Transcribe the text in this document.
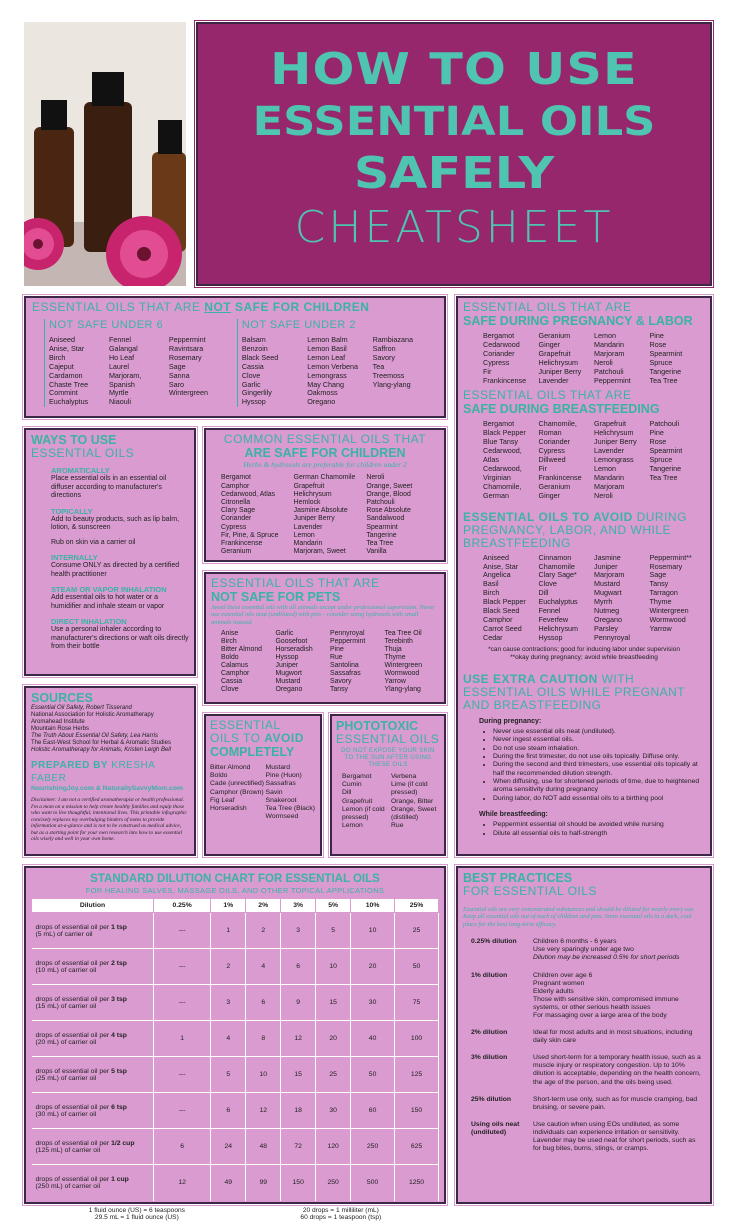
HOW TO USE
ESSENTIAL OILS
SAFELY
CHEATSHEET
ESSENTIAL OILS THAT ARE NOT SAFE FOR CHILDREN
NOT SAFE UNDER 6
Aniseed
Anise, Star
Birch
Cajeput
Cardamon
Chaste Tree
Commint
Euchalyptus
Fennel
Galangal
Ho Leaf
Laurel
Marjoram, Spanish
Myrtle
Niaouli
Peppermint
Ravintsara
Rosemary
Sage
Sanna
Saro
Wintergreen
NOT SAFE UNDER 2
Balsam
Benzoin
Black Seed
Cassia
Clove
Garlic
Gingerlily
Hyssop
Lemon Balm
Lemon Basil
Lemon Leaf
Lemon Verbena
Lemongrass
May Chang
Oakmoss
Oregano
Rambiazana
Saffron
Savory
Tea
Treemoss
Ylang-ylang
ESSENTIAL OILS THAT ARE
SAFE DURING PREGNANCY & LABOR
Bergamot
Cedarwood
Coriander
Cypress
Fir
Frankincense
Geranium
Ginger
Grapefruit
Helichrysum
Juniper Berry
Lavender
Lemon
Mandarin
Marjoram
Neroli
Patchouli
Peppermint
Pine
Rose
Spearmint
Spruce
Tangerine
Tea Tree
ESSENTIAL OILS THAT ARE
SAFE DURING BREASTFEEDING
Bergamot
Black Pepper
Blue Tansy
Cedarwood, Atlas
Cedarwood, Virginian
Chamomile, German
Chamomile, Roman
Coriander
Cypress
Dillweed
Fir
Frankincense
Geranium
Ginger
Grapefruit
Helichrysum
Juniper Berry
Lavender
Lemongrass
Lemon
Mandarin
Marjoram
Neroli
Patchouli
Pine
Rose
Spearmint
Spruce
Tangerine
Tea Tree
ESSENTIAL OILS TO AVOID DURING PREGNANCY, LABOR, AND WHILE BREASTFEEDING
Aniseed
Anise, Star
Angelica
Basil
Birch
Black Pepper
Black Seed
Camphor
Carrot Seed
Cedar
Cinnamon
Chamomile
Clary Sage*
Clove
Dill
Euchalyptus
Fennel
Feverfew
Helichrysum
Hyssop
Jasmine
Juniper
Marjoram
Mustard
Mugwart
Myrrh
Nutmeg
Oregano
Parsley
Pennyroyal
Peppermint**
Rosemary
Sage
Tansy
Tarragon
Thyme
Wintergreen
Wormwood
Yarrow
*can cause contractions; good for inducing labor under supervision
**okay during pregnancy; avoid while breastfeeding
USE EXTRA CAUTION WITH ESSENTIAL OILS WHILE PREGNANT AND BREASTFEEDING
During pregnancy:
• Never use essential oils neat (undiluted).
• Never ingest essential oils.
• Do not use steam inhalation.
• During the first trimester, do not use oils topically. Diffuse only.
• During the second and third trimesters, use essential oils topically at half the recommended dilution strength.
• When diffusing, use for shortened periods of time, due to heightened aroma sensitivity during pregnancy
• During labor, do NOT add essential oils to a birthing pool
While breastfeeding:
• Peppermint essential oil should be avoided while nursing
• Dilute all essential oils to half-strength
WAYS TO USE
ESSENTIAL OILS
AROMATICALLY
Place essential oils in an essential oil diffuser according to manufacturer's directions
TOPICALLY
Add to beauty products, such as lip balm, lotion, & sunscreen
Rub on skin via a carrier oil
INTERNALLY
Consume ONLY as directed by a certified health practitioner
STEAM OR VAPOR INHALATION
Add essential oils to hot water or a humidifier and inhale steam or vapor
DIRECT INHALATION
Use a personal inhaler according to manufacturer's directions or waft oils directly from their bottle
COMMON ESSENTIAL OILS THAT
ARE SAFE FOR CHILDREN
Herbs & hydrosols are preferable for children under 2
Bergamot
Camphor
Cedarwood, Atlas
Citronella
Clary Sage
Coriander
Cypress
Fir, Pine, & Spruce
Frankincense
Geranium
German Chamomile
Grapefruit
Helichrysum
Hemlock
Jasmine Absolute
Juniper Berry
Lavender
Lemon
Mandarin
Marjoram, Sweet
Neroli
Orange, Sweet
Orange, Blood
Patchouli
Rose Absolute
Sandalwood
Spearmint
Tangerine
Tea Tree
Vanilla
ESSENTIAL OILS THAT ARE
NOT SAFE FOR PETS
Avoid these essential oils with all animals except under professional supervision. Never use essential oils neat (undiluted) with pets - consider using hydrosols with small animals instead.
Anise
Birch
Bitter Almond
Boldo
Calamus
Camphor
Cassia
Clove
Garlic
Goosefoot
Horseradish
Hyssop
Juniper
Mugwort
Mustard
Oregano
Pennyroyal
Peppermint
Pine
Rue
Santolina
Sassafras
Savory
Tansy
Tea Tree Oil
Terebinth
Thuja
Thyme
Wintergreen
Wormwood
Yarrow
Ylang-ylang
SOURCES
Essential Oil Safety, Robert Tisserand
National Association for Holistic Aromatherapy
Aromahead Institute
Mountain Rose Herbs
The Truth About Essential Oil Safety, Lea Harris
The East-West School for Herbal & Aromatic Studies
Holistic Aromatherapy for Animals, Kristen Leigh Bell
PREPARED BY KRESHA FABER
NourishingJoy.com & NaturallySavvyMom.com
Disclaimer: I am not a certified aromatherapist or health professional. I'm a mom on a mission to help create healthy families and equip those who want to live thoughtful, intentional lives. This printable infographic concisely replaces my overbulging binders of notes to provide information at-a-glance and is not to be construed as medical advice, but as a starting point for your own research into how to use essential oils wisely and well in your own home.
ESSENTIAL
OILS TO AVOID
COMPLETELY
Bitter Almond
Boldo
Cade (unrectified)
Camphor (Brown)
Fig Leaf
Horseradish
Mustard
Pine (Huon)
Sassafras
Savin
Snakeroot
Tea Tree (Black)
Wormseed
PHOTOTOXIC
ESSENTIAL OILS
DO NOT EXPOSE YOUR SKIN TO THE SUN AFTER USING THESE OILS
Bergamot
Cumin
Dill
Grapefruit
Lemon (if cold pressed)
Lemon
Verbena
Lime (if cold pressed)
Orange, Bitter
Orange, Sweet (distilled)
Rue
STANDARD DILUTION CHART FOR ESSENTIAL OILS
FOR HEALING SALVES, MASSAGE OILS, AND OTHER TOPICAL APPLICATIONS
Dilution	0.25%	1%	2%	3%	5%	10%	25%
drops of essential oil per 1 tsp
(5 mL) of carrier oil	---	1	2	3	5	10	25
drops of essential oil per 2 tsp
(10 mL) of carrier oil	---	2	4	6	10	20	50
drops of essential oil per 3 tsp
(15 mL) of carrier oil	---	3	6	9	15	30	75
drops of essential oil per 4 tsp
(20 mL) of carrier oil	1	4	8	12	20	40	100
drops of essential oil per 5 tsp
(25 mL) of carrier oil	---	5	10	15	25	50	125
drops of essential oil per 6 tsp
(30 mL) of carrier oil	---	6	12	18	30	60	150
drops of essential oil per 1/2 cup
(125 mL) of carrier oil	6	24	48	72	120	250	625
drops of essential oil per 1 cup
(250 mL) of carrier oil	12	49	99	150	250	500	1250
1 fluid ounce (US) = 6 teaspoons
29.5 mL = 1 fluid ounce (US)
20 drops = 1 milliliter (mL)
60 drops = 1 teaspoon (tsp)
BEST PRACTICES
FOR ESSENTIAL OILS
Essential oils are very concentrated substances and should be diluted for nearly every use. Keep all essential oils out of each of children and pets. Store essential oils in a dark, cool place for the best long-term efficacy.
0.25% dilution	Children 6 months - 6 years
Use very sparingly under age two
Dilution may be increased 0.5% for short periods
1% dilution	Children over age 6
Pregnant women
Elderly adults
Those with sensitive skin, compromised immune systems, or other serious health issues
For massaging over a large area of the body
2% dilution	Ideal for most adults and in most situations, including daily skin care
3% dilution	Used short-term for a temporary health issue, such as a muscle injury or respiratory congestion. Up to 10% dilution is acceptable, depending on the health concern, the age of the person, and the oils being used.
25% dilution	Short-term use only, such as for muscle cramping, bad bruising, or severe pain.
Using oils neat (undiluted)
Use caution when using EOs undiluted, as some individuals can experience irritation or sensitivity. Lavender may be used neat for short periods, such as for bug bites, burns, stings, or cramps.
